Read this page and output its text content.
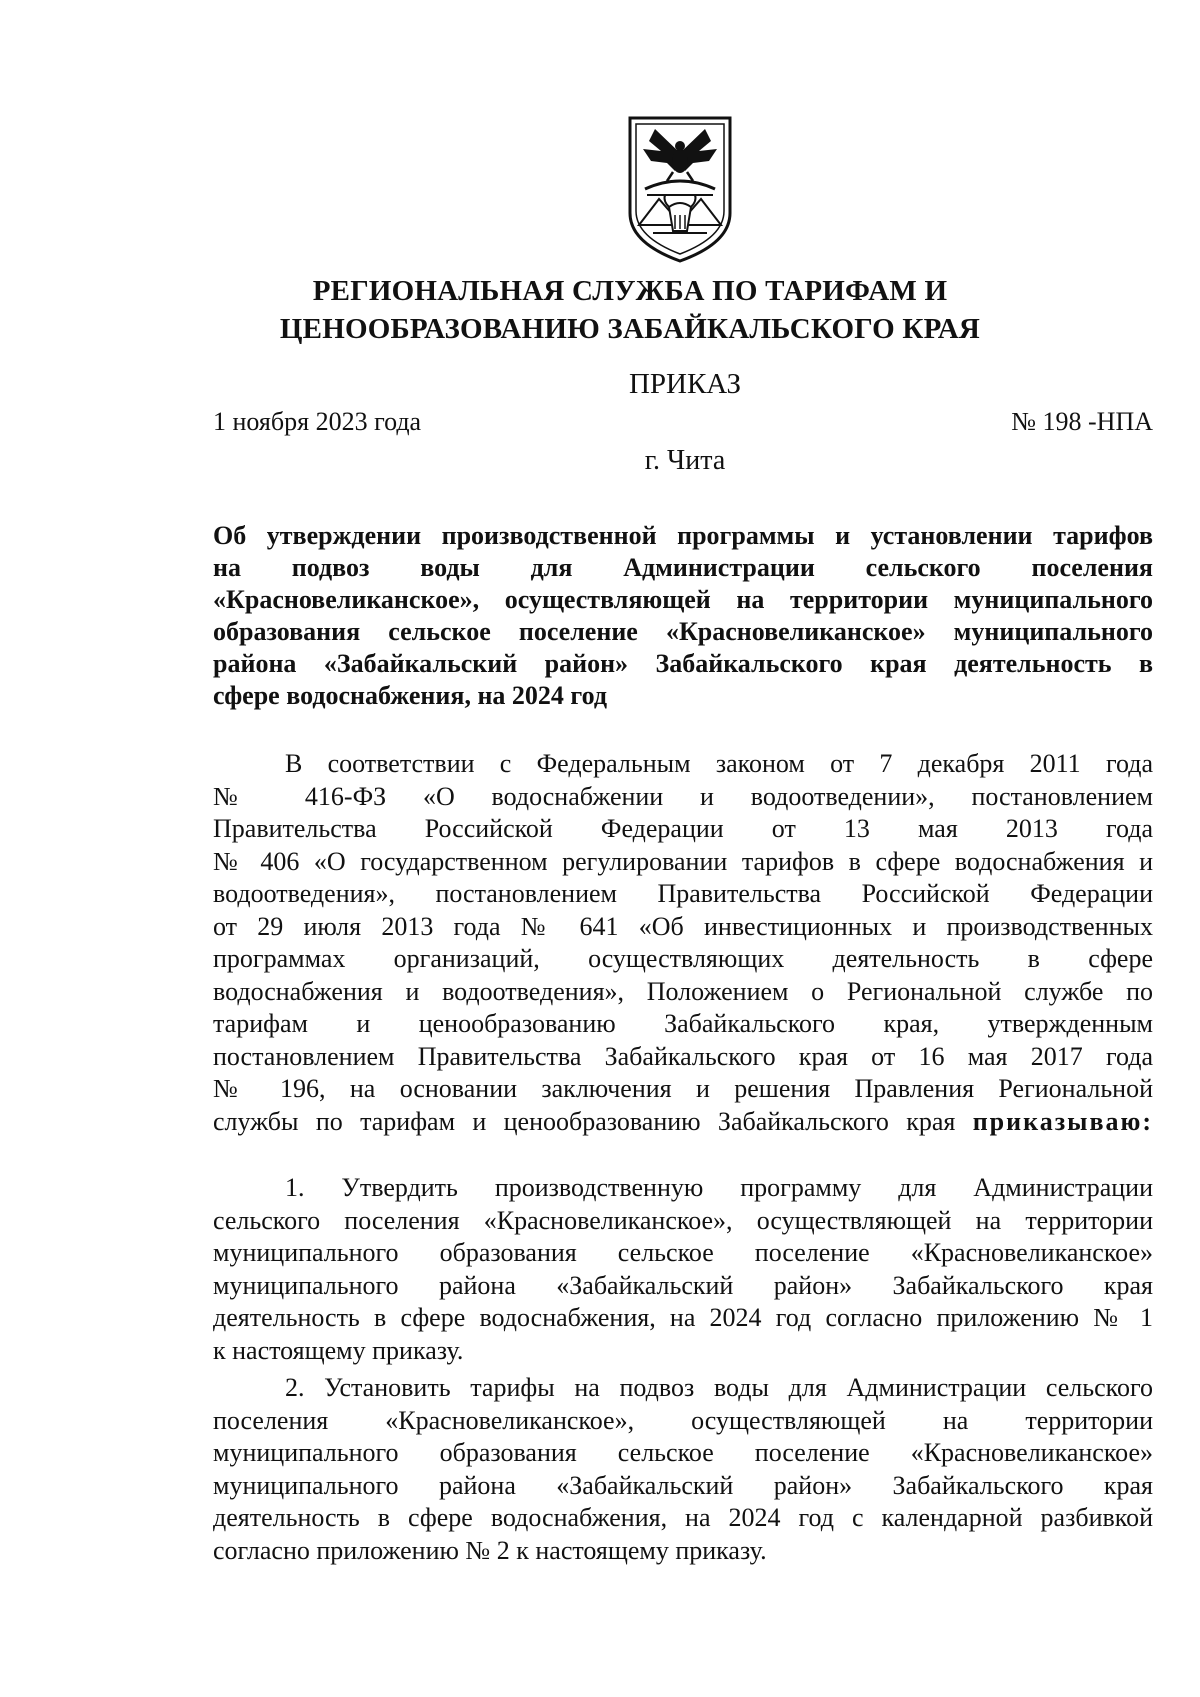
РЕГИОНАЛЬНАЯ СЛУЖБА ПО ТАРИФАМ И
ЦЕНООБРАЗОВАНИЮ ЗАБАЙКАЛЬСКОГО КРАЯ
ПРИКАЗ
1 ноября 2023 года	№ 198 -НПА
г. Чита
Об утверждении производственной программы и установлении тарифов
на подвоз воды для Администрации сельского поселения
«Красновеликанское», осуществляющей на территории муниципального
образования сельское поселение «Красновеликанское» муниципального
района «Забайкальский район» Забайкальского края деятельность в
сфере водоснабжения, на 2024 год
В соответствии с Федеральным законом от 7 декабря 2011 года
№ 416-ФЗ «О водоснабжении и водоотведении», постановлением
Правительства Российской Федерации от 13 мая 2013 года
№ 406 «О государственном регулировании тарифов в сфере водоснабжения и
водоотведения», постановлением Правительства Российской Федерации
от 29 июля 2013 года № 641 «Об инвестиционных и производственных
программах организаций, осуществляющих деятельность в сфере
водоснабжения и водоотведения», Положением о Региональной службе по
тарифам и ценообразованию Забайкальского края, утвержденным
постановлением Правительства Забайкальского края от 16 мая 2017 года
№ 196, на основании заключения и решения Правления Региональной
службы по тарифам и ценообразованию Забайкальского края приказываю:
1. Утвердить производственную программу для Администрации
сельского поселения «Красновеликанское», осуществляющей на территории
муниципального образования сельское поселение «Красновеликанское»
муниципального района «Забайкальский район» Забайкальского края
деятельность в сфере водоснабжения, на 2024 год согласно приложению № 1
к настоящему приказу.
2. Установить тарифы на подвоз воды для Администрации сельского
поселения «Красновеликанское», осуществляющей на территории
муниципального образования сельское поселение «Красновеликанское»
муниципального района «Забайкальский район» Забайкальского края
деятельность в сфере водоснабжения, на 2024 год с календарной разбивкой
согласно приложению № 2 к настоящему приказу.
